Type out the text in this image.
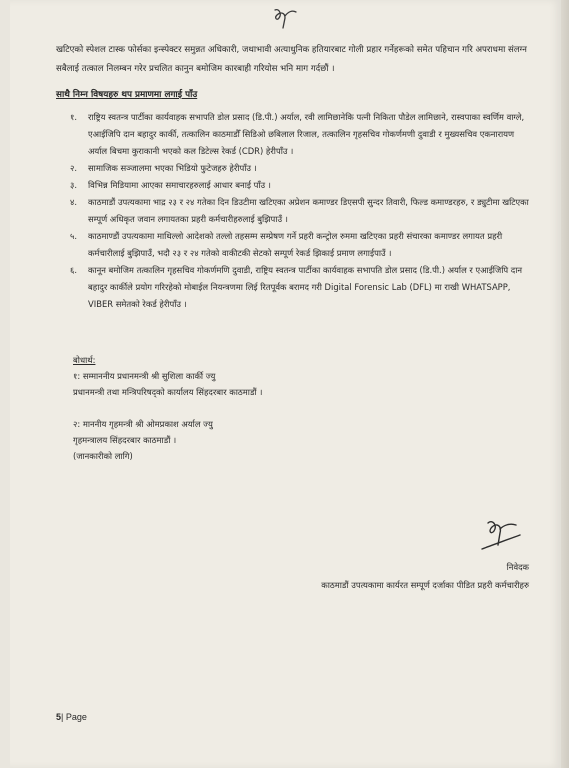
खटिएको स्पेशल टास्क फोर्सका इन्स्पेक्टर समुन्नत अधिकारी, जथाभावी अत्याधुनिक हतियारबाट गोली प्रहार गर्नेहरूको समेत पहिचान गरि अपराधमा संलग्न सबैलाई तत्काल निलम्बन गरेर प्रचलित कानुन बमोजिम कारबाही गरियोस भनि माग गर्दछौं ।
साथै निम्न विषयहरु थप प्रमाणमा लगाई पाँउ
१.	राष्ट्रिय स्वतन्त्र पार्टीका कार्यवाहक सभापति डोल प्रसाद (डि.पी.) अर्याल, रवी लामिछानेकि पत्नी निकिता पौडेल लामिछाने, रास्वपाका स्वर्णिम वाग्ले, एआईजिपि दान बहादुर कार्की, तत्कालिन काठमाडौँ सिडिओ छबिलाल रिजाल, तत्कालिन गृहसचिव गोकर्णमणी दुवाडी र मुख्यसचिव एकनारायण अर्याल बिचमा कुराकानी भएको कल डिटेल्स रेकर्ड (CDR) हेरीपाँउ ।
२.	सामाजिक सञ्जालमा भएका भिडियो फुटेजहरु हेरीपाँउ ।
३.	विभिन्न मिडियामा आएका समाचारहरुलाई आधार बनाई पाँउ ।
४.	काठमाडौं उपत्यकामा भाद्र २३ र २४ गतेका दिन डिउटीमा खटिएका अप्रेशन कमाण्डर डिएसपी सुन्दर तिवारी, फिल्ड कमाण्डरहरु, र ड्युटीमा खटिएका सम्पूर्ण अधिकृत जवान लगायतका प्रहरी कर्मचारीहरुलाई बुझिपाउँ ।
५.	काठमाण्डौं उपत्यकामा माथिल्लो आदेशको तल्लो तहसम्म सम्प्रेषण गर्ने प्रहरी कन्ट्रोल रुममा खटिएका प्रहरी संचारका कमाण्डर लगायत प्रहरी कर्मचारीलाई बुझिपाउँ, भदौ २३ र २४ गतेको वाकीटकी सेटको सम्पूर्ण रेकर्ड झिकाई प्रमाण लगाईपाउँ ।
६.	कानून बमोजिम तत्कालिन गृहसचिव गोकर्णमणि दुवाडी, राष्ट्रिय स्वतन्त्र पार्टीका कार्यवाहक सभापति डोल प्रसाद (डि.पी.) अर्याल र एआईजिपि दान बहादुर कार्कीले प्रयोग गरिरहेको मोबाईल नियन्त्रणमा लिई रितपूर्वक बरामद गरी Digital Forensic Lab (DFL) मा राखी WHATSAPP, VIBER समेतको रेकर्ड हेरीपाँउ ।
बोधार्थ:
१: सम्माननीय प्रधानमन्त्री श्री सुशिला कार्की ज्यु
प्रधानमन्त्री तथा मन्त्रिपरिषद्को कार्यालय सिंहदरबार काठमाडौं ।
२: माननीय गृहमन्त्री श्री ओमप्रकाश अर्याल ज्यु
गृहमन्त्रालय सिंहदरबार काठमाडौं ।
(जानकारीको लागि)
निवेदक
काठमाडौं उपत्यकामा कार्यरत सम्पूर्ण दर्जाका पीडित प्रहरी कर्मचारीहरु
5| Page
